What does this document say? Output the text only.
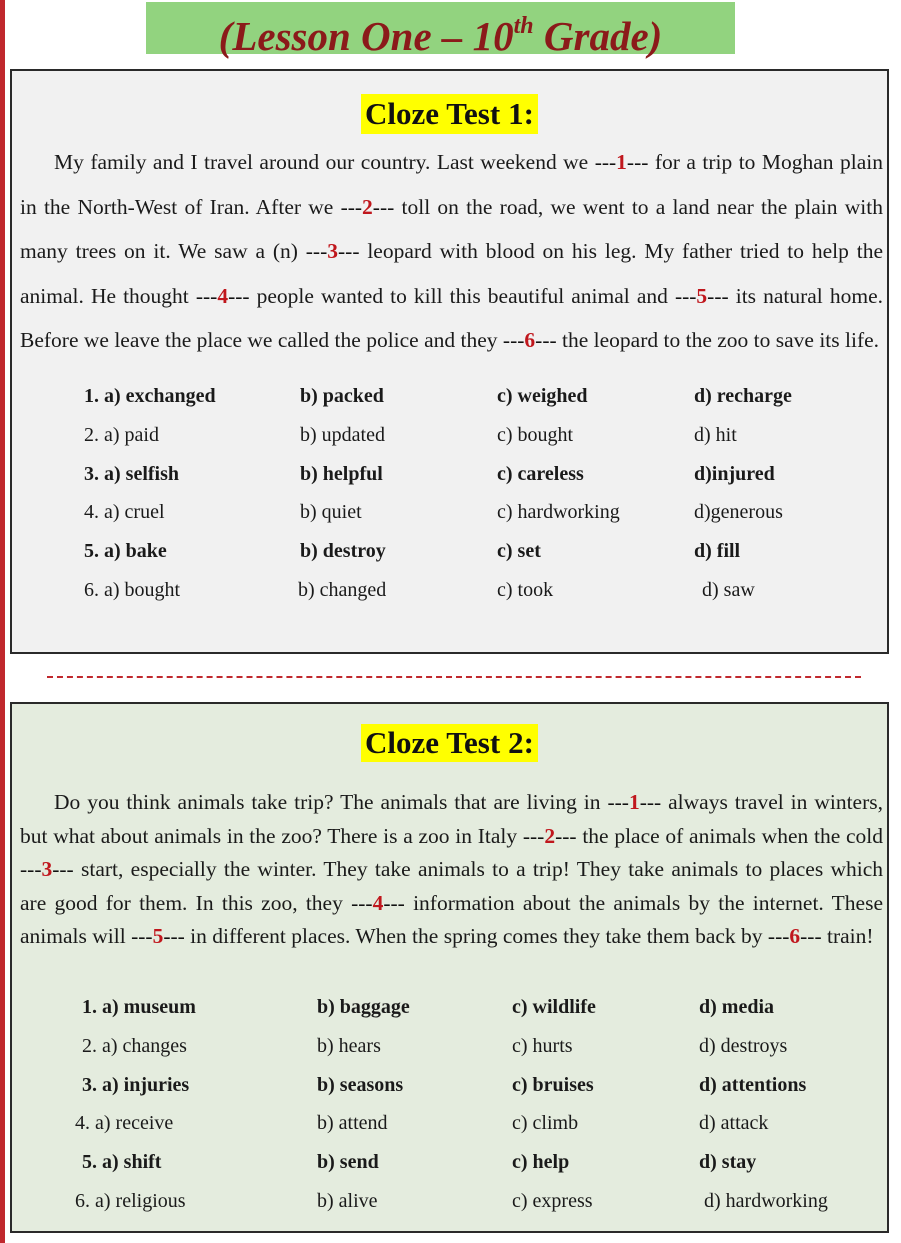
(Lesson One – 10th Grade)
Cloze Test 1:

My family and I travel around our country. Last weekend we ---1--- for a trip to Moghan plain in the North-West of Iran. After we ---2--- toll on the road, we went to a land near the plain with many trees on it. We saw a (n) ---3--- leopard with blood on his leg. My father tried to help the animal. He thought ---4--- people wanted to kill this beautiful animal and ---5--- its natural home. Before we leave the place we called the police and they ---6--- the leopard to the zoo to save its life.

1. a) exchanged	b) packed	c) weighed	d) recharge
2. a) paid	b) updated	c) bought	d) hit
3. a) selfish	b) helpful	c) careless	d)injured
4. a) cruel	b) quiet	c) hardworking	d)generous
5. a) bake	b) destroy	c) set	d) fill
6. a) bought	b) changed	c) took	d) saw
Cloze Test 2:

Do you think animals take trip? The animals that are living in ---1--- always travel in winters, but what about animals in the zoo? There is a zoo in Italy ---2--- the place of animals when the cold ---3--- start, especially the winter. They take animals to a trip! They take animals to places which are good for them. In this zoo, they ---4--- information about the animals by the internet. These animals will ---5--- in different places. When the spring comes they take them back by ---6--- train!

1. a) museum	b) baggage	c) wildlife	d) media
2. a) changes	b) hears	c) hurts	d) destroys
3. a) injuries	b) seasons	c) bruises	d) attentions
4. a) receive	b) attend	c) climb	d) attack
5. a) shift	b) send	c) help	d) stay
6. a) religious	b) alive	c) express	d) hardworking
